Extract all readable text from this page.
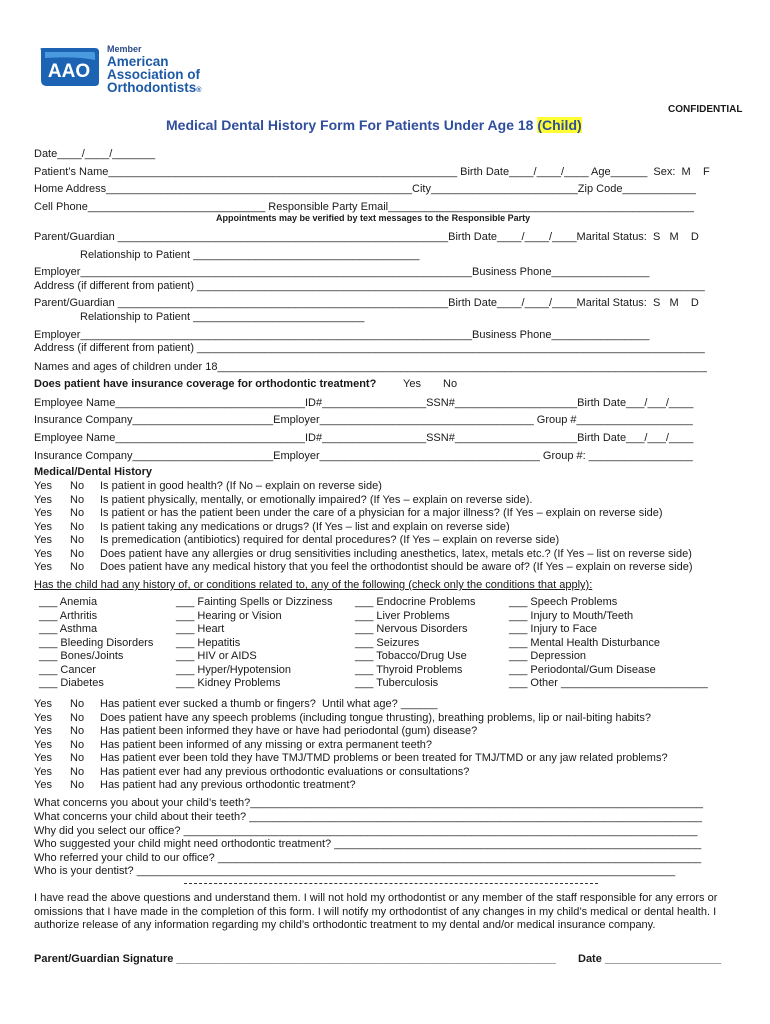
AAO
Member
American
Association of
Orthodontists®
CONFIDENTIAL
Medical Dental History Form For Patients Under Age 18 (Child)
Date____/____/_______
Patient’s Name_________________________________________________________ Birth Date____/____/____ Age______  Sex:  M    F
Home Address__________________________________________________City________________________Zip Code____________
Cell Phone_____________________________ Responsible Party Email__________________________________________________
Appointments may be verified by text messages to the Responsible Party
Parent/Guardian ______________________________________________________Birth Date____/____/____Marital Status:  S   M    D
Relationship to Patient _____________________________________
Employer________________________________________________________________Business Phone________________
Address (if different from patient) ___________________________________________________________________________________
Parent/Guardian ______________________________________________________Birth Date____/____/____Marital Status:  S   M    D
Relationship to Patient ____________________________
Employer________________________________________________________________Business Phone________________
Address (if different from patient) ___________________________________________________________________________________
Names and ages of children under 18________________________________________________________________________________
Does patient have insurance coverage for orthodontic treatment? Yes No
Employee Name_______________________________ID#_________________SSN#____________________Birth Date___/___/____
Insurance Company_______________________Employer___________________________________ Group #___________________
Employee Name_______________________________ID#_________________SSN#____________________Birth Date___/___/____
Insurance Company_______________________Employer____________________________________ Group #: _________________
Medical/Dental History
Yes No Is patient in good health? (If No – explain on reverse side)
Yes No Is patient physically, mentally, or emotionally impaired? (If Yes – explain on reverse side).
Yes No Is patient or has the patient been under the care of a physician for a major illness? (If Yes – explain on reverse side)
Yes No Is patient taking any medications or drugs? (If Yes – list and explain on reverse side)
Yes No Is premedication (antibiotics) required for dental procedures? (If Yes – explain on reverse side)
Yes No Does patient have any allergies or drug sensitivities including anesthetics, latex, metals etc.? (If Yes – list on reverse side)
Yes No Does patient have any medical history that you feel the orthodontist should be aware of? (If Yes – explain on reverse side)
Has the child had any history of, or conditions related to, any of the following (check only the conditions that apply):
___ Anemia
___ Arthritis
___ Asthma
___ Bleeding Disorders
___ Bones/Joints
___ Cancer
___ Diabetes
___ Fainting Spells or Dizziness
___ Hearing or Vision
___ Heart
___ Hepatitis
___ HIV or AIDS
___ Hyper/Hypotension
___ Kidney Problems
___ Endocrine Problems
___ Liver Problems
___ Nervous Disorders
___ Seizures
___ Tobacco/Drug Use
___ Thyroid Problems
___ Tuberculosis
___ Speech Problems
___ Injury to Mouth/Teeth
___ Injury to Face
___ Mental Health Disturbance
___ Depression
___ Periodontal/Gum Disease
___ Other ________________________
Yes No Has patient ever sucked a thumb or fingers?  Until what age? ______
Yes No Does patient have any speech problems (including tongue thrusting), breathing problems, lip or nail-biting habits?
Yes No Has patient been informed they have or have had periodontal (gum) disease?
Yes No Has patient been informed of any missing or extra permanent teeth?
Yes No Has patient ever been told they have TMJ/TMD problems or been treated for TMJ/TMD or any jaw related problems?
Yes No Has patient ever had any previous orthodontic evaluations or consultations?
Yes No Has patient had any previous orthodontic treatment?
What concerns you about your child’s teeth?__________________________________________________________________________
What concerns your child about their teeth? __________________________________________________________________________
Why did you select our office? ____________________________________________________________________________________
Who suggested your child might need orthodontic treatment? ____________________________________________________________
Who referred your child to our office? _______________________________________________________________________________
Who is your dentist? ________________________________________________________________________________________
I have read the above questions and understand them. I will not hold my orthodontist or any member of the staff responsible for any errors or omissions that I have made in the completion of this form. I will notify my orthodontist of any changes in my child’s medical or dental health. I authorize release of any information regarding my child’s orthodontic treatment to my dental and/or medical insurance company.
Parent/Guardian Signature ______________________________________________________________ Date ___________________
